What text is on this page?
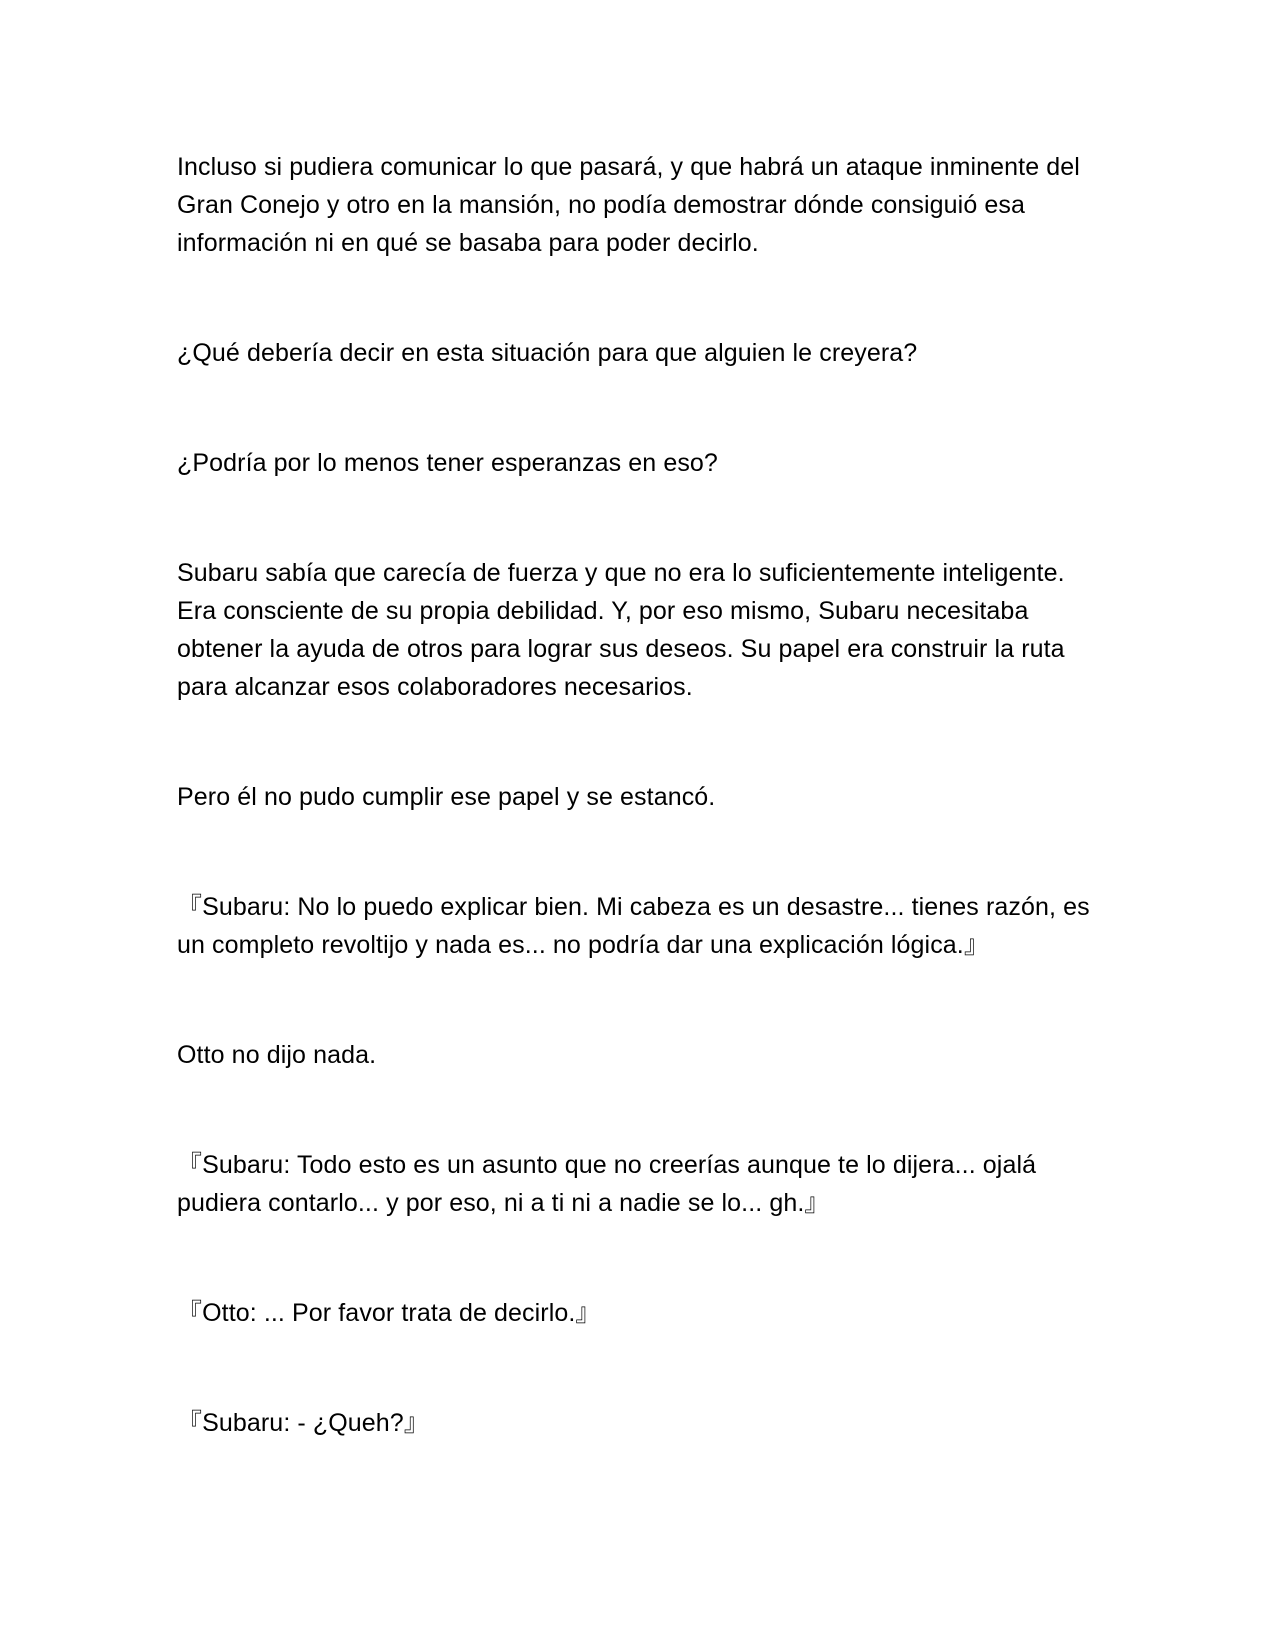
Incluso si pudiera comunicar lo que pasará, y que habrá un ataque inminente del Gran Conejo y otro en la mansión, no podía demostrar dónde consiguió esa información ni en qué se basaba para poder decirlo.

¿Qué debería decir en esta situación para que alguien le creyera?

¿Podría por lo menos tener esperanzas en eso?

Subaru sabía que carecía de fuerza y que no era lo suficientemente inteligente. Era consciente de su propia debilidad. Y, por eso mismo, Subaru necesitaba obtener la ayuda de otros para lograr sus deseos. Su papel era construir la ruta para alcanzar esos colaboradores necesarios.

Pero él no pudo cumplir ese papel y se estancó.

『Subaru: No lo puedo explicar bien. Mi cabeza es un desastre... tienes razón, es un completo revoltijo y nada es... no podría dar una explicación lógica.』

Otto no dijo nada.

『Subaru: Todo esto es un asunto que no creerías aunque te lo dijera... ojalá pudiera contarlo... y por eso, ni a ti ni a nadie se lo... gh.』

『Otto: ... Por favor trata de decirlo.』

『Subaru: - ¿Queh?』
